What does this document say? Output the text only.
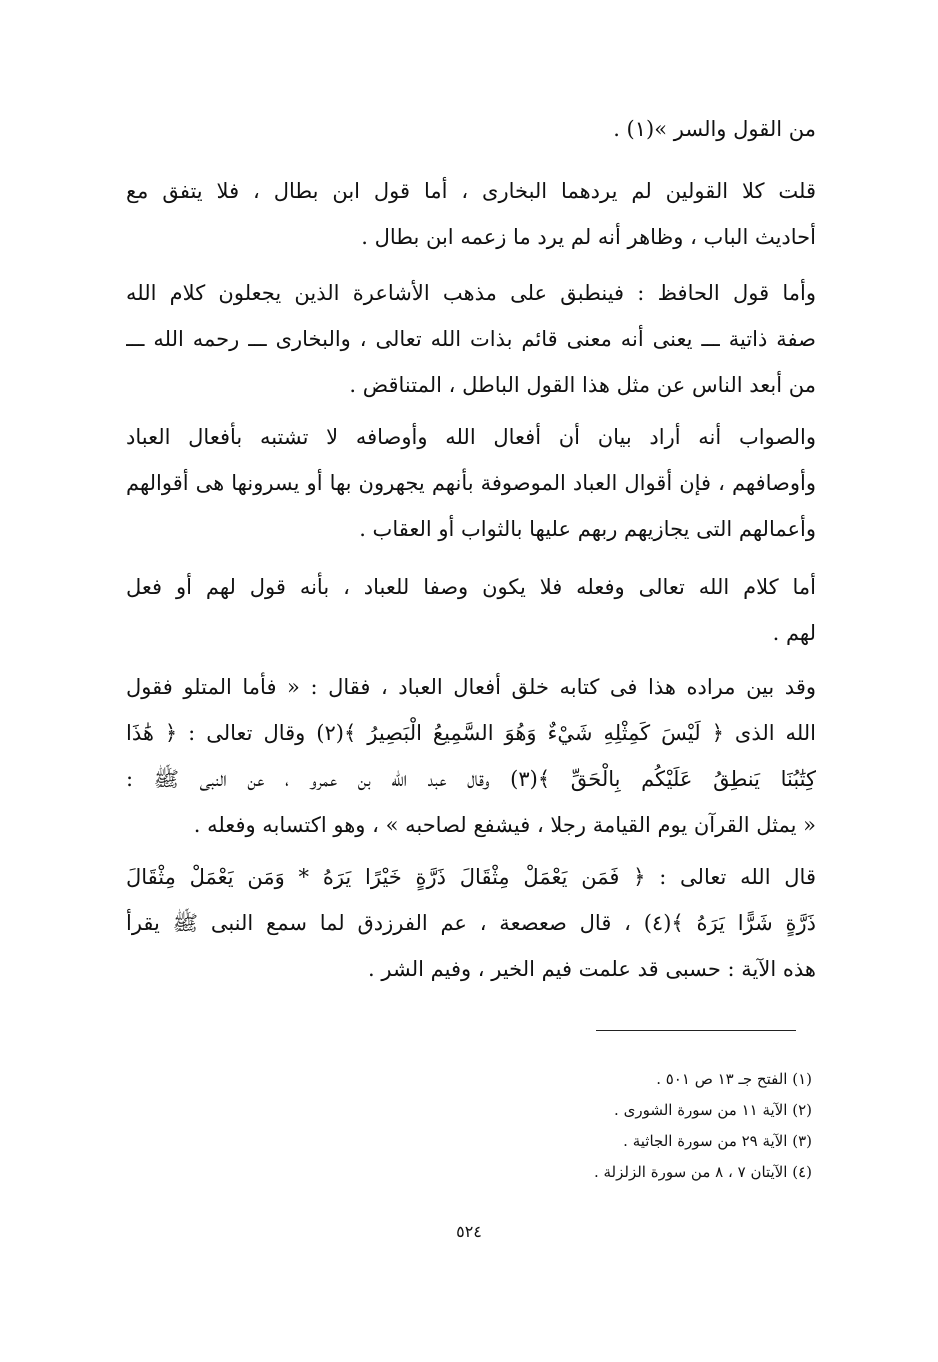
من القول والسر »(١) .
قلت كلا القولين لم يردهما البخارى ، أما قول ابن بطال ، فلا يتفق مع
أحاديث الباب ، وظاهر أنه لم يرد ما زعمه ابن بطال .
وأما قول الحافظ : فينطبق على مذهب الأشاعرة الذين يجعلون كلام الله
صفة ذاتية ـــ يعنى أنه معنى قائم بذات الله تعالى ، والبخارى ـــ رحمه الله ـــ
من أبعد الناس عن مثل هذا القول الباطل ، المتناقض .
والصواب أنه أراد بيان أن أفعال الله وأوصافه لا تشتبه بأفعال العباد
وأوصافهم ، فإن أقوال العباد الموصوفة بأنهم يجهرون بها أو يسرونها هى أقوالهم
وأعمالهم التى يجازيهم ربهم عليها بالثواب أو العقاب .
أما كلام الله تعالى وفعله فلا يكون وصفا للعباد ، بأنه قول لهم أو فعل
لهم .
وقد بين مراده هذا فى كتابه خلق أفعال العباد ، فقال : « فأما المتلو فقول
الله الذى ﴿ لَيْسَ كَمِثْلِهِ شَيْءٌ وَهُوَ السَّمِيعُ الْبَصِيرُ ﴾(٢) وقال تعالى : ﴿ هَٰذَا
كِتَٰبُنَا يَنطِقُ عَلَيْكُم بِالْحَقِّ ﴾(٣) وقال عبد الله بن عمرو ، عن النبى ﷺ :
« يمثل القرآن يوم القيامة رجلا ، فيشفع لصاحبه » ، وهو اكتسابه وفعله .
قال الله تعالى : ﴿ فَمَن يَعْمَلْ مِثْقَالَ ذَرَّةٍ خَيْرًا يَرَهُ * وَمَن يَعْمَلْ مِثْقَالَ
ذَرَّةٍ شَرًّا يَرَهُ ﴾(٤) ، قال صعصعة ، عم الفرزدق لما سمع النبى ﷺ يقرأ
هذه الآية : حسبى قد علمت فيم الخير ، وفيم الشر .
(١) الفتح جـ ١٣ ص ٥٠١ .
(٢) الآية ١١ من سورة الشورى .
(٣) الآية ٢٩ من سورة الجاثية .
(٤) الآيتان ٧ ، ٨ من سورة الزلزلة .
٥٢٤
